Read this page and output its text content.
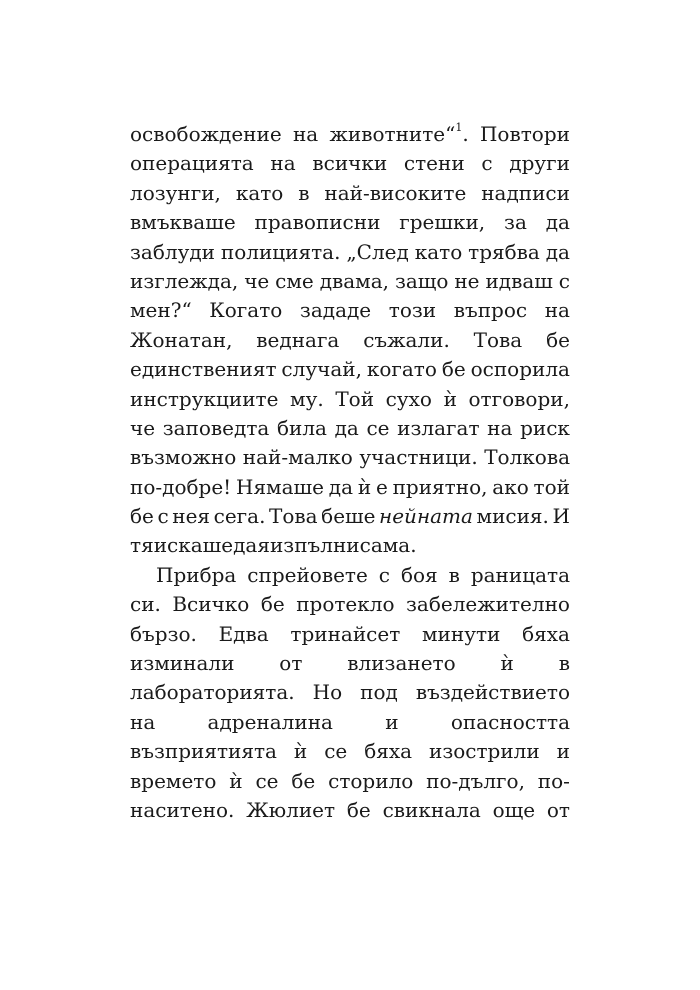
освобождение на животните“$^1$. Повтори
операцията на всички стени с други
лозунги, като в най-високите надписи
вмъкваше правописни грешки, за да
заблуди полицията. „След като трябва да
изглежда, че сме двама, защо не идваш с
мен?“ Когато зададе този въпрос на
Жонатан, веднага съжали. Това бе
единственият случай, когато бе оспорила
инструкциите му. Той сухо ѝ отговори,
че заповедта била да се излагат на риск
възможно най-малко участници. Толкова
по-добре! Нямаше да ѝ е приятно, ако той
бе с нея сега. Това беше нейната мисия. И
тя искаше да я изпълни сама.
Прибра спрейовете с боя в раницата
си. Всичко бе протекло забележително
бързо. Едва тринайсет минути бяха
изминали от влизането ѝ в
лабораторията. Но под въздействието
на	адреналина	и	опасността
възприятията ѝ се бяха изострили и
времето ѝ се бе сторило по-дълго, по-
наситено. Жюлиет бе свикнала още от
